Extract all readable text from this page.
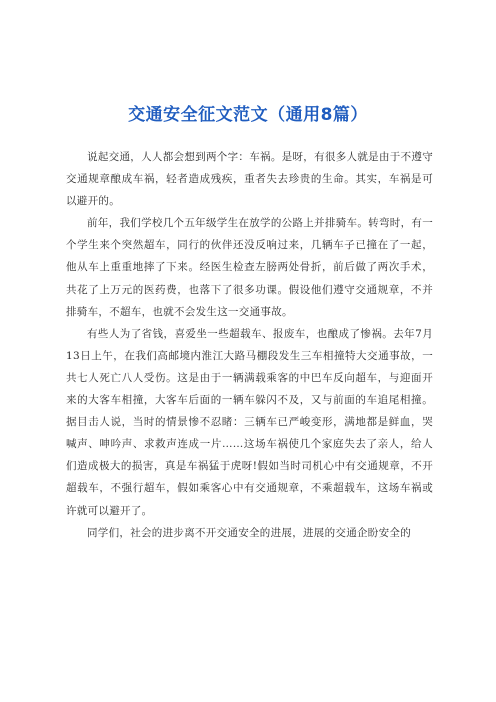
交通安全征文范文（通用8篇）

说起交通，人人都会想到两个字：车祸。是呀，有很多人就是由于不遵守交通规章酿成车祸，轻者造成残疾，重者失去珍贵的生命。其实，车祸是可以避开的。

前年，我们学校几个五年级学生在放学的公路上并排骑车。转弯时，有一个学生来个突然超车，同行的伙伴还没反响过来，几辆车子已撞在了一起，他从车上重重地摔了下来。经医生检查左膀两处骨折，前后做了两次手术，共花了上万元的医药费，也落下了很多功课。假设他们遵守交通规章，不并排骑车，不超车，也就不会发生这一交通事故。

有些人为了省钱，喜爱坐一些超载车、报废车，也酿成了惨祸。去年7月13日上午，在我们高邮境内淮江大路马棚段发生三车相撞特大交通事故，一共七人死亡八人受伤。这是由于一辆满载乘客的中巴车反向超车，与迎面开来的大客车相撞，大客车后面的一辆车躲闪不及，又与前面的车追尾相撞。据目击人说，当时的情景惨不忍睹：三辆车已严峻变形，满地都是鲜血，哭喊声、呻吟声、求救声连成一片……这场车祸使几个家庭失去了亲人，给人们造成极大的损害，真是车祸猛于虎呀!假如当时司机心中有交通规章，不开超载车，不强行超车，假如乘客心中有交通规章，不乘超载车，这场车祸或许就可以避开了。

同学们，社会的进步离不开交通安全的进展，进展的交通企盼安全的
